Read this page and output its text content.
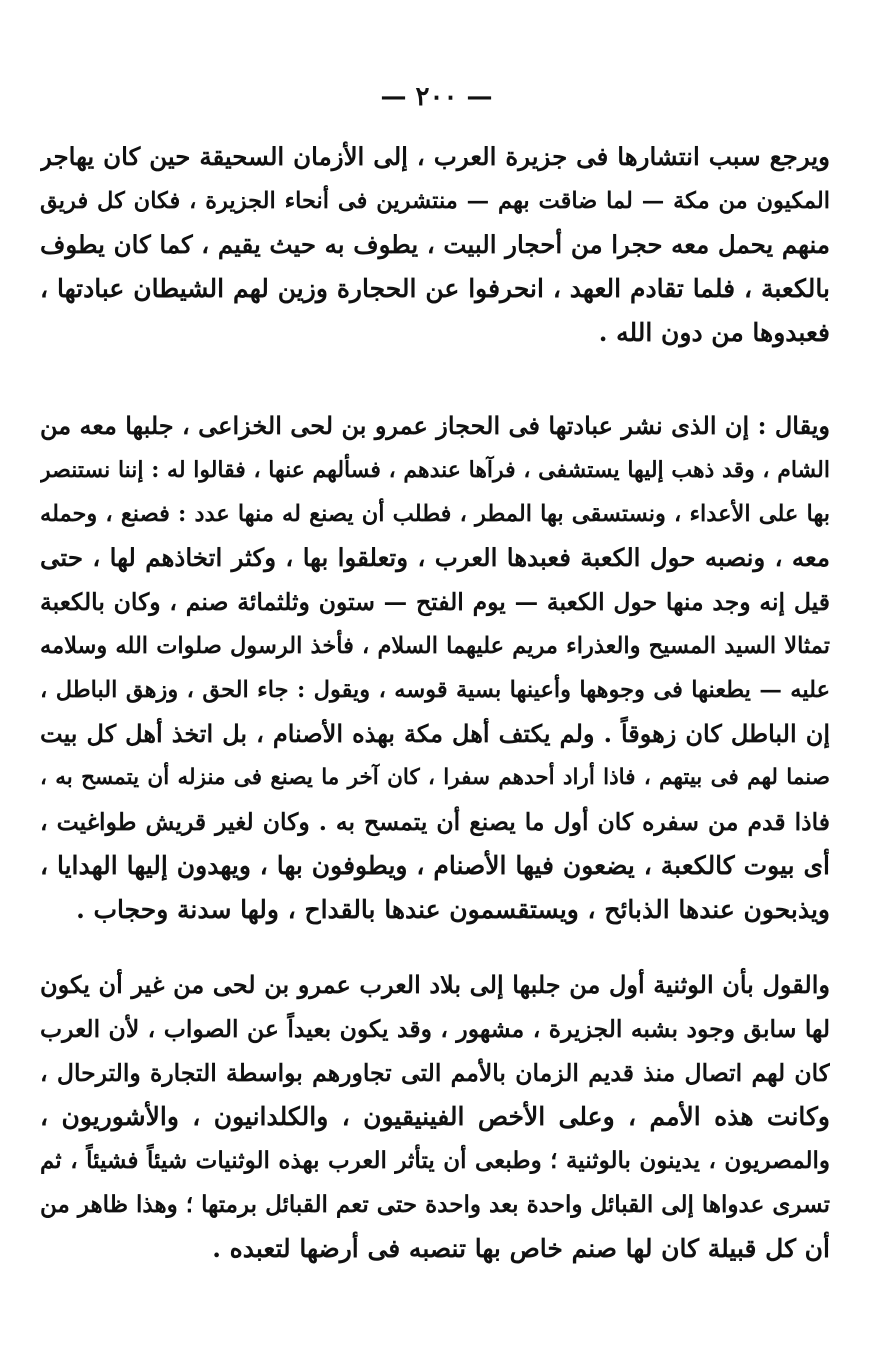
— ٢٠٠ —
ويرجع سبب انتشارها فى جزيرة العرب ، إلى الأزمان السحيقة حين كان يهاجر
المكيون من مكة — لما ضاقت بهم — منتشرين فى أنحاء الجزيرة ، فكان كل فريق
منهم يحمل معه حجرا من أحجار البيت ، يطوف به حيث يقيم ، كما كان يطوف
بالكعبة ، فلما تقادم العهد ، انحرفوا عن الحجارة وزين لهم الشيطان عبادتها ،
فعبدوها من دون الله .
ويقال : إن الذى نشر عبادتها فى الحجاز عمرو بن لحى الخزاعى ، جلبها معه من
الشام ، وقد ذهب إليها يستشفى ، فرآها عندهم ، فسألهم عنها ، فقالوا له : إننا نستنصر
بها على الأعداء ، ونستسقى بها المطر ، فطلب أن يصنع له منها عدد : فصنع ، وحمله
معه ، ونصبه حول الكعبة فعبدها العرب ، وتعلقوا بها ، وكثر اتخاذهم لها ، حتى
قيل إنه وجد منها حول الكعبة — يوم الفتح — ستون وثلثمائة صنم ، وكان بالكعبة
تمثالا السيد المسيح والعذراء مريم عليهما السلام ، فأخذ الرسول صلوات الله وسلامه
عليه — يطعنها فى وجوهها وأعينها بسية قوسه ، ويقول : جاء الحق ، وزهق الباطل ،
إن الباطل كان زهوقاً . ولم يكتف أهل مكة بهذه الأصنام ، بل اتخذ أهل كل بيت
صنما لهم فى بيتهم ، فاذا أراد أحدهم سفرا ، كان آخر ما يصنع فى منزله أن يتمسح به ،
فاذا قدم من سفره كان أول ما يصنع أن يتمسح به . وكان لغير قريش طواغيت ،
أى بيوت كالكعبة ، يضعون فيها الأصنام ، ويطوفون بها ، ويهدون إليها الهدايا ،
ويذبحون عندها الذبائح ، ويستقسمون عندها بالقداح ، ولها سدنة وحجاب .
والقول بأن الوثنية أول من جلبها إلى بلاد العرب عمرو بن لحى من غير أن يكون
لها سابق وجود بشبه الجزيرة ، مشهور ، وقد يكون بعيداً عن الصواب ، لأن العرب
كان لهم اتصال منذ قديم الزمان بالأمم التى تجاورهم بواسطة التجارة والترحال ،
وكانت هذه الأمم ، وعلى الأخص الفينيقيون ، والكلدانيون ، والأشوريون ،
والمصريون ، يدينون بالوثنية ؛ وطبعى أن يتأثر العرب بهذه الوثنيات شيئاً فشيئاً ، ثم
تسرى عدواها إلى القبائل واحدة بعد واحدة حتى تعم القبائل برمتها ؛ وهذا ظاهر من
أن كل قبيلة كان لها صنم خاص بها تنصبه فى أرضها لتعبده .
